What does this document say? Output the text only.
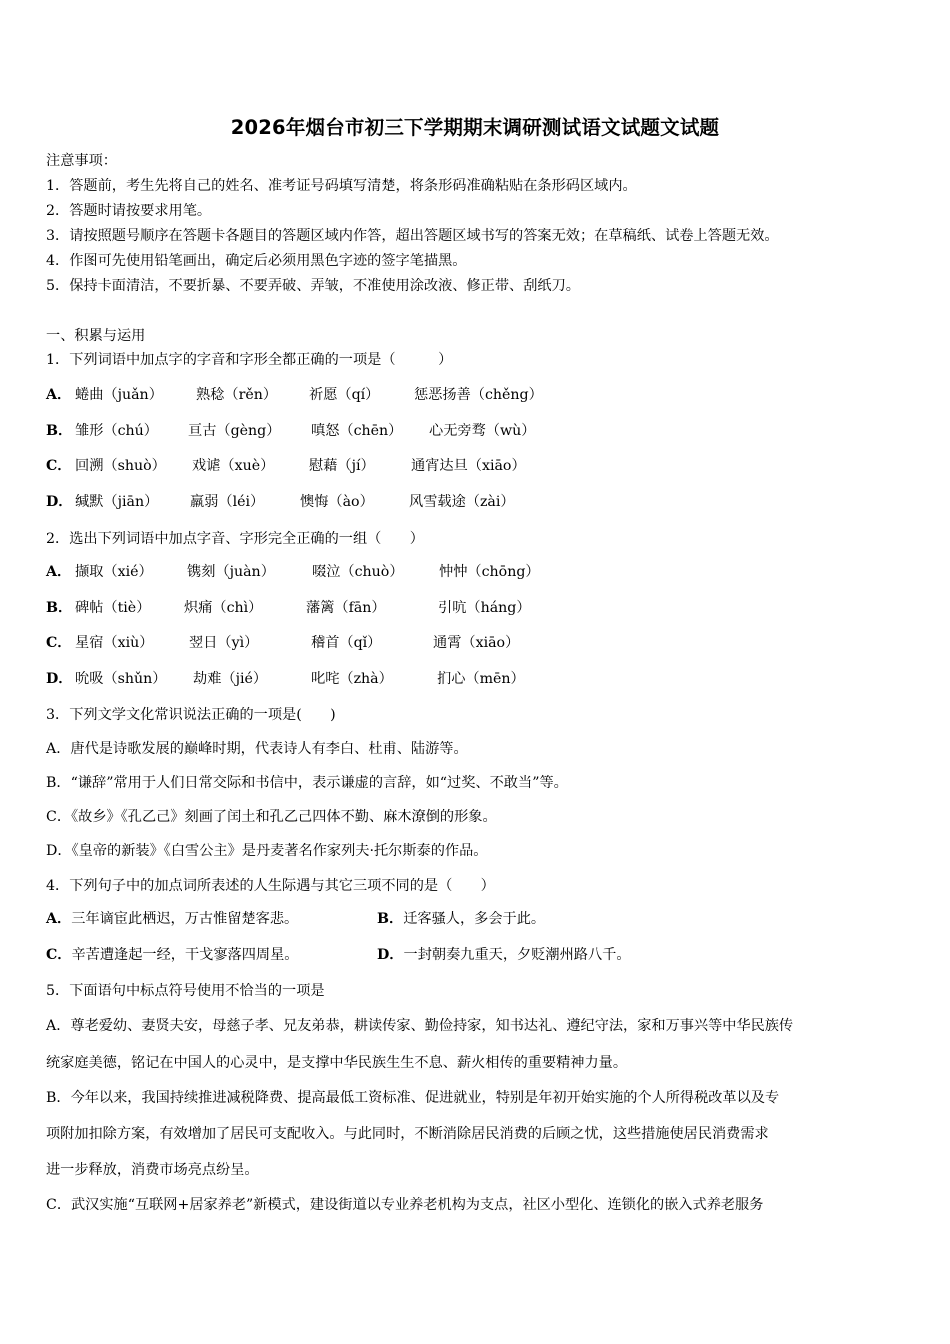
2026年烟台市初三下学期期末调研测试语文试题文试题
注意事项：
1．答题前，考生先将自己的姓名、准考证号码填写清楚，将条形码准确粘贴在条形码区域内。
2．答题时请按要求用笔。
3．请按照题号顺序在答题卡各题目的答题区域内作答，超出答题区域书写的答案无效；在草稿纸、试卷上答题无效。
4．作图可先使用铅笔画出，确定后必须用黑色字迹的签字笔描黑。
5．保持卡面清洁，不要折暴、不要弄破、弄皱，不准使用涂改液、修正带、刮纸刀。
一、积累与运用
1．下列词语中加点字的字音和字形全都正确的一项是（　　　）
A． 蜷曲（juǎn） 熟稔（rěn） 祈愿（qí） 惩恶扬善（chěng）
B． 雏形（chú） 亘古（gèng） 嗔怒（chēn） 心无旁骛（wù）
C． 回溯（shuò） 戏谑（xuè） 慰藉（jí）	通宵达旦（xiāo）
D． 缄默（jiān） 羸弱（léi）	懊悔（ào） 风雪载途（zài）
2．选出下列词语中加点字音、字形完全正确的一组（　　）
A． 撷取（xié） 镌刻（juàn）	啜泣（chuò） 忡忡（chōng）
B． 碑帖（tiè） 炽痛（chì）	藩篱（fān）	引吭（háng）
C． 星宿（xiù）	翌日（yì）	稽首（qǐ）	通霄（xiāo）
D． 吮吸（shǔn） 劫难（jié）	叱咤（zhà）	扪心（mēn）
3．下列文学文化常识说法正确的一项是(　　)
A．唐代是诗歌发展的巅峰时期，代表诗人有李白、杜甫、陆游等。
B．“谦辞”常用于人们日常交际和书信中，表示谦虚的言辞，如“过奖、不敢当”等。
C．《故乡》《孔乙己》刻画了闰土和孔乙己四体不勤、麻木潦倒的形象。
D．《皇帝的新装》《白雪公主》是丹麦著名作家列夫·托尔斯泰的作品。
4．下列句子中的加点词所表述的人生际遇与其它三项不同的是（　　）
A．三年谪宦此栖迟，万古惟留楚客悲。	B．迁客骚人，多会于此。
C．辛苦遭逢起一经，干戈寥落四周星。	D．一封朝奏九重天，夕贬潮州路八千。
5．下面语句中标点符号使用不恰当的一项是
A．尊老爱幼、妻贤夫安，母慈子孝、兄友弟恭，耕读传家、勤俭持家，知书达礼、遵纪守法，家和万事兴等中华民族传
统家庭美德，铭记在中国人的心灵中，是支撑中华民族生生不息、薪火相传的重要精神力量。
B．今年以来，我国持续推进减税降费、提高最低工资标准、促进就业，特别是年初开始实施的个人所得税改革以及专
项附加扣除方案，有效增加了居民可支配收入。与此同时，不断消除居民消费的后顾之忧，这些措施使居民消费需求
进一步释放，消费市场亮点纷呈。
C．武汉实施“互联网+居家养老”新模式，建设街道以专业养老机构为支点，社区小型化、连锁化的嵌入式养老服务
